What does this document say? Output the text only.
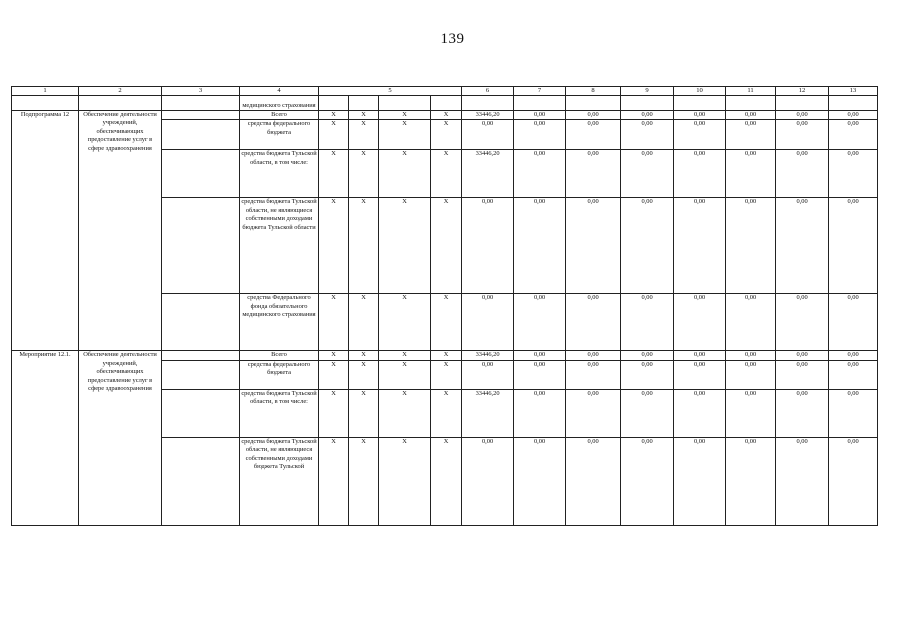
139
1	2	3	4	5				6	7	8	9	10	11	12	13
			медицинского страхования												
Подпрограмма 12	Обеспечение деятельности учреждений, обеспечивающих предоставление услуг в сфере здравоохранения		Всего	X	X	X	X	33446,20	0,00	0,00	0,00	0,00	0,00	0,00	0,00
			средства федерального бюджета	X	X	X	X	0,00	0,00	0,00	0,00	0,00	0,00	0,00	0,00
			средства бюджета Тульской области, в том числе:	X	X	X	X	33446,20	0,00	0,00	0,00	0,00	0,00	0,00	0,00
			средства бюджета Тульской области, не являющиеся собственными доходами бюджета Тульской области	X	X	X	X	0,00	0,00	0,00	0,00	0,00	0,00	0,00	0,00
			средства Федерального фонда обязательного медицинского страхования	X	X	X	X	0,00	0,00	0,00	0,00	0,00	0,00	0,00	0,00
Мероприятие 12.1.	Обеспечение деятельности учреждений, обеспечивающих предоставление услуг в сфере здравоохранения		Всего	X	X	X	X	33446,20	0,00	0,00	0,00	0,00	0,00	0,00	0,00
			средства федерального бюджета	X	X	X	X	0,00	0,00	0,00	0,00	0,00	0,00	0,00	0,00
			средства бюджета Тульской области, в том числе:	X	X	X	X	33446,20	0,00	0,00	0,00	0,00	0,00	0,00	0,00
			средства бюджета Тульской области, не являющиеся собственными доходами бюджета Тульской	X	X	X	X	0,00	0,00	0,00	0,00	0,00	0,00	0,00	0,00
